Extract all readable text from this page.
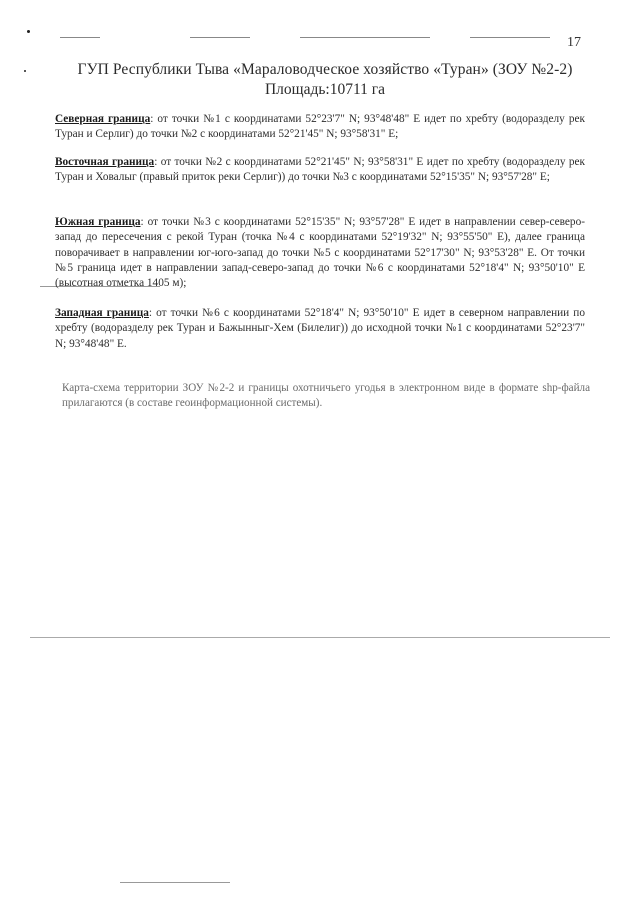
17
ГУП Республики Тыва «Мараловодческое хозяйство «Туран» (ЗОУ №2-2)
Площадь:10711 га
Северная граница: от точки №1 с координатами 52°23'7" N; 93°48'48" E идет по хребту (водоразделу рек Туран и Серлиг) до точки №2 с координатами 52°21'45" N; 93°58'31" E;
Восточная граница: от точки №2 с координатами 52°21'45" N; 93°58'31" E идет по хребту (водоразделу рек Туран и Ховалыг (правый приток реки Серлиг)) до точки №3 с координатами 52°15'35" N; 93°57'28" E;
Южная граница: от точки №3 с координатами 52°15'35" N; 93°57'28" E идет в направлении север-северо-запад до пересечения с рекой Туран (точка №4 с координатами 52°19'32" N; 93°55'50" E), далее граница поворачивает в направлении юг-юго-запад до точки №5 с координатами 52°17'30" N; 93°53'28" E. От точки №5 граница идет в направлении запад-северо-запад до точки №6 с координатами 52°18'4" N; 93°50'10" E (высотная отметка 1405 м);
Западная граница: от точки №6 с координатами 52°18'4" N; 93°50'10" E идет в северном направлении по хребту (водоразделу рек Туран и Бажынныг-Хем (Билелиг)) до исходной точки №1 с координатами 52°23'7" N; 93°48'48" E.
Карта-схема территории ЗОУ №2-2 и границы охотничьего угодья в электронном виде в формате shp-файла прилагаются (в составе геоинформационной системы).
